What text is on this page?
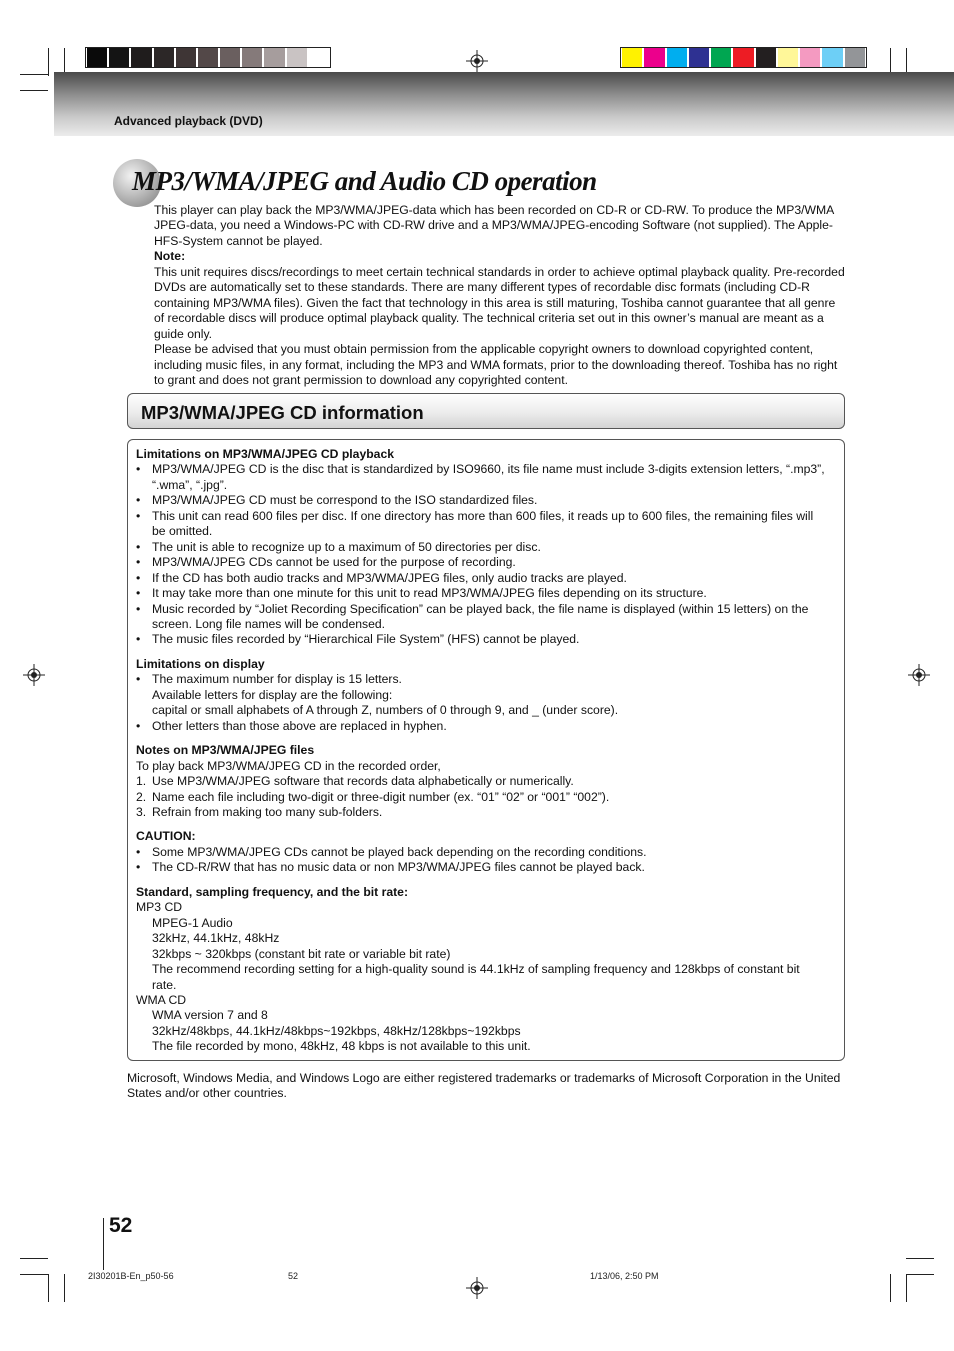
Advanced playback (DVD)
MP3/WMA/JPEG and Audio CD operation

This player can play back the MP3/WMA/JPEG-data which has been recorded on CD-R or CD-RW. To produce the MP3/WMA JPEG-data, you need a Windows-PC with CD-RW drive and a MP3/WMA/JPEG-encoding Software (not supplied). The Apple-HFS-System cannot be played.

Note:

This unit requires discs/recordings to meet certain technical standards in order to achieve optimal playback quality. Pre-recorded DVDs are automatically set to these standards. There are many different types of recordable disc formats (including CD-R containing MP3/WMA files). Given the fact that technology in this area is still maturing, Toshiba cannot guarantee that all genre of recordable discs will produce optimal playback quality. The technical criteria set out in this owner’s manual are meant as a guide only.

Please be advised that you must obtain permission from the applicable copyright owners to download copyrighted content, including music files, in any format, including the MP3 and WMA formats, prior to the downloading thereof. Toshiba has no right to grant and does not grant permission to download any copyrighted content.

MP3/WMA/JPEG CD information
Limitations on MP3/WMA/JPEG CD playback
• MP3/WMA/JPEG CD is the disc that is standardized by ISO9660, its file name must include 3-digits extension letters, “.mp3”, “.wma”, “.jpg”.
• MP3/WMA/JPEG CD must be correspond to the ISO standardized files.
• This unit can read 600 files per disc. If one directory has more than 600 files, it reads up to 600 files, the remaining files will be omitted.
• The unit is able to recognize up to a maximum of 50 directories per disc.
• MP3/WMA/JPEG CDs cannot be used for the purpose of recording.
• If the CD has both audio tracks and MP3/WMA/JPEG files, only audio tracks are played.
• It may take more than one minute for this unit to read MP3/WMA/JPEG files depending on its structure.
• Music recorded by “Joliet Recording Specification” can be played back, the file name is displayed (within 15 letters) on the screen. Long file names will be condensed.
• The music files recorded by “Hierarchical File System” (HFS) cannot be played.
Limitations on display
• The maximum number for display is 15 letters.
Available letters for display are the following:
capital or small alphabets of A through Z, numbers of 0 through 9, and _ (under score).
• Other letters than those above are replaced in hyphen.
Notes on MP3/WMA/JPEG files
To play back MP3/WMA/JPEG CD in the recorded order,
1. Use MP3/WMA/JPEG software that records data alphabetically or numerically.
2. Name each file including two-digit or three-digit number (ex. “01” “02” or “001” “002”).
3. Refrain from making too many sub-folders.
CAUTION:
• Some MP3/WMA/JPEG CDs cannot be played back depending on the recording conditions.
• The CD-R/RW that has no music data or non MP3/WMA/JPEG files cannot be played back.
Standard, sampling frequency, and the bit rate:
MP3 CD
MPEG-1 Audio
32kHz, 44.1kHz, 48kHz
32kbps ~ 320kbps (constant bit rate or variable bit rate)
The recommend recording setting for a high-quality sound is 44.1kHz of sampling frequency and 128kbps of constant bit rate.
WMA CD
WMA version 7 and 8
32kHz/48kbps, 44.1kHz/48kbps~192kbps, 48kHz/128kbps~192kbps
The file recorded by mono, 48kHz, 48 kbps is not available to this unit.
Microsoft, Windows Media, and Windows Logo are either registered trademarks or trademarks of Microsoft Corporation in the United States and/or other countries.
52
2I30201B-En_p50-56	52	1/13/06, 2:50 PM
